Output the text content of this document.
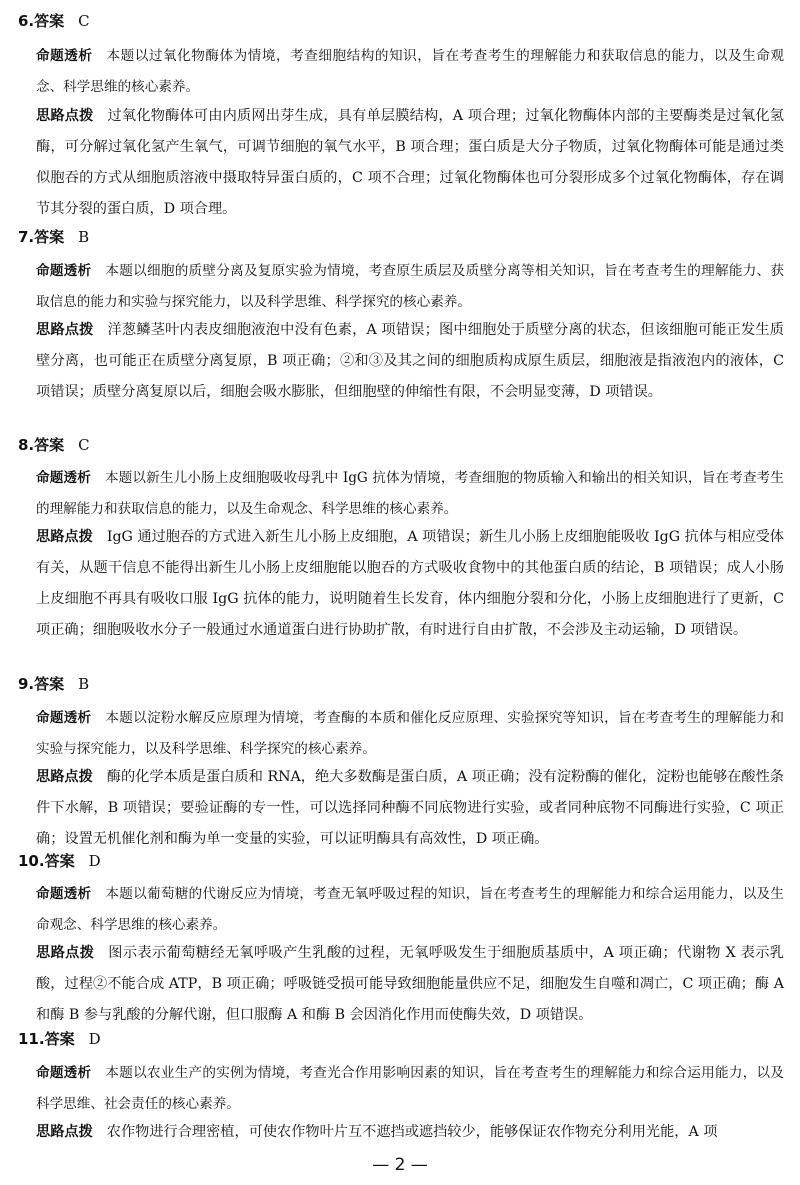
6.答案 C
命题透析 本题以过氧化物酶体为情境，考查细胞结构的知识，旨在考查考生的理解能力和获取信息的能力，以及生命观念、科学思维的核心素养。
思路点拨 过氧化物酶体可由内质网出芽生成，具有单层膜结构，A 项合理；过氧化物酶体内部的主要酶类是过氧化氢酶，可分解过氧化氢产生氧气，可调节细胞的氧气水平，B 项合理；蛋白质是大分子物质，过氧化物酶体可能是通过类似胞吞的方式从细胞质溶液中摄取特异蛋白质的，C 项不合理；过氧化物酶体也可分裂形成多个过氧化物酶体，存在调节其分裂的蛋白质，D 项合理。
7.答案 B
命题透析 本题以细胞的质壁分离及复原实验为情境，考查原生质层及质壁分离等相关知识，旨在考查考生的理解能力、获取信息的能力和实验与探究能力，以及科学思维、科学探究的核心素养。
思路点拨 洋葱鳞茎叶内表皮细胞液泡中没有色素，A 项错误；图中细胞处于质壁分离的状态，但该细胞可能正发生质壁分离，也可能正在质壁分离复原，B 项正确；②和③及其之间的细胞质构成原生质层，细胞液是指液泡内的液体，C 项错误；质壁分离复原以后，细胞会吸水膨胀，但细胞壁的伸缩性有限，不会明显变薄，D 项错误。
8.答案 C
命题透析 本题以新生儿小肠上皮细胞吸收母乳中 IgG 抗体为情境，考查细胞的物质输入和输出的相关知识，旨在考查考生的理解能力和获取信息的能力，以及生命观念、科学思维的核心素养。
思路点拨 IgG 通过胞吞的方式进入新生儿小肠上皮细胞，A 项错误；新生儿小肠上皮细胞能吸收 IgG 抗体与相应受体有关，从题干信息不能得出新生儿小肠上皮细胞能以胞吞的方式吸收食物中的其他蛋白质的结论，B 项错误；成人小肠上皮细胞不再具有吸收口服 IgG 抗体的能力，说明随着生长发育，体内细胞分裂和分化，小肠上皮细胞进行了更新，C 项正确；细胞吸收水分子一般通过水通道蛋白进行协助扩散，有时进行自由扩散，不会涉及主动运输，D 项错误。
9.答案 B
命题透析 本题以淀粉水解反应原理为情境，考查酶的本质和催化反应原理、实验探究等知识，旨在考查考生的理解能力和实验与探究能力，以及科学思维、科学探究的核心素养。
思路点拨 酶的化学本质是蛋白质和 RNA，绝大多数酶是蛋白质，A 项正确；没有淀粉酶的催化，淀粉也能够在酸性条件下水解，B 项错误；要验证酶的专一性，可以选择同种酶不同底物进行实验，或者同种底物不同酶进行实验，C 项正确；设置无机催化剂和酶为单一变量的实验，可以证明酶具有高效性，D 项正确。
10.答案 D
命题透析 本题以葡萄糖的代谢反应为情境，考查无氧呼吸过程的知识，旨在考查考生的理解能力和综合运用能力，以及生命观念、科学思维的核心素养。
思路点拨 图示表示葡萄糖经无氧呼吸产生乳酸的过程，无氧呼吸发生于细胞质基质中，A 项正确；代谢物 X 表示乳酸，过程②不能合成 ATP，B 项正确；呼吸链受损可能导致细胞能量供应不足，细胞发生自噬和凋亡，C 项正确；酶 A 和酶 B 参与乳酸的分解代谢，但口服酶 A 和酶 B 会因消化作用而使酶失效，D 项错误。
11.答案 D
命题透析 本题以农业生产的实例为情境，考查光合作用影响因素的知识，旨在考查考生的理解能力和综合运用能力，以及科学思维、社会责任的核心素养。
思路点拨 农作物进行合理密植，可使农作物叶片互不遮挡或遮挡较少，能够保证农作物充分利用光能，A 项
— 2 —
